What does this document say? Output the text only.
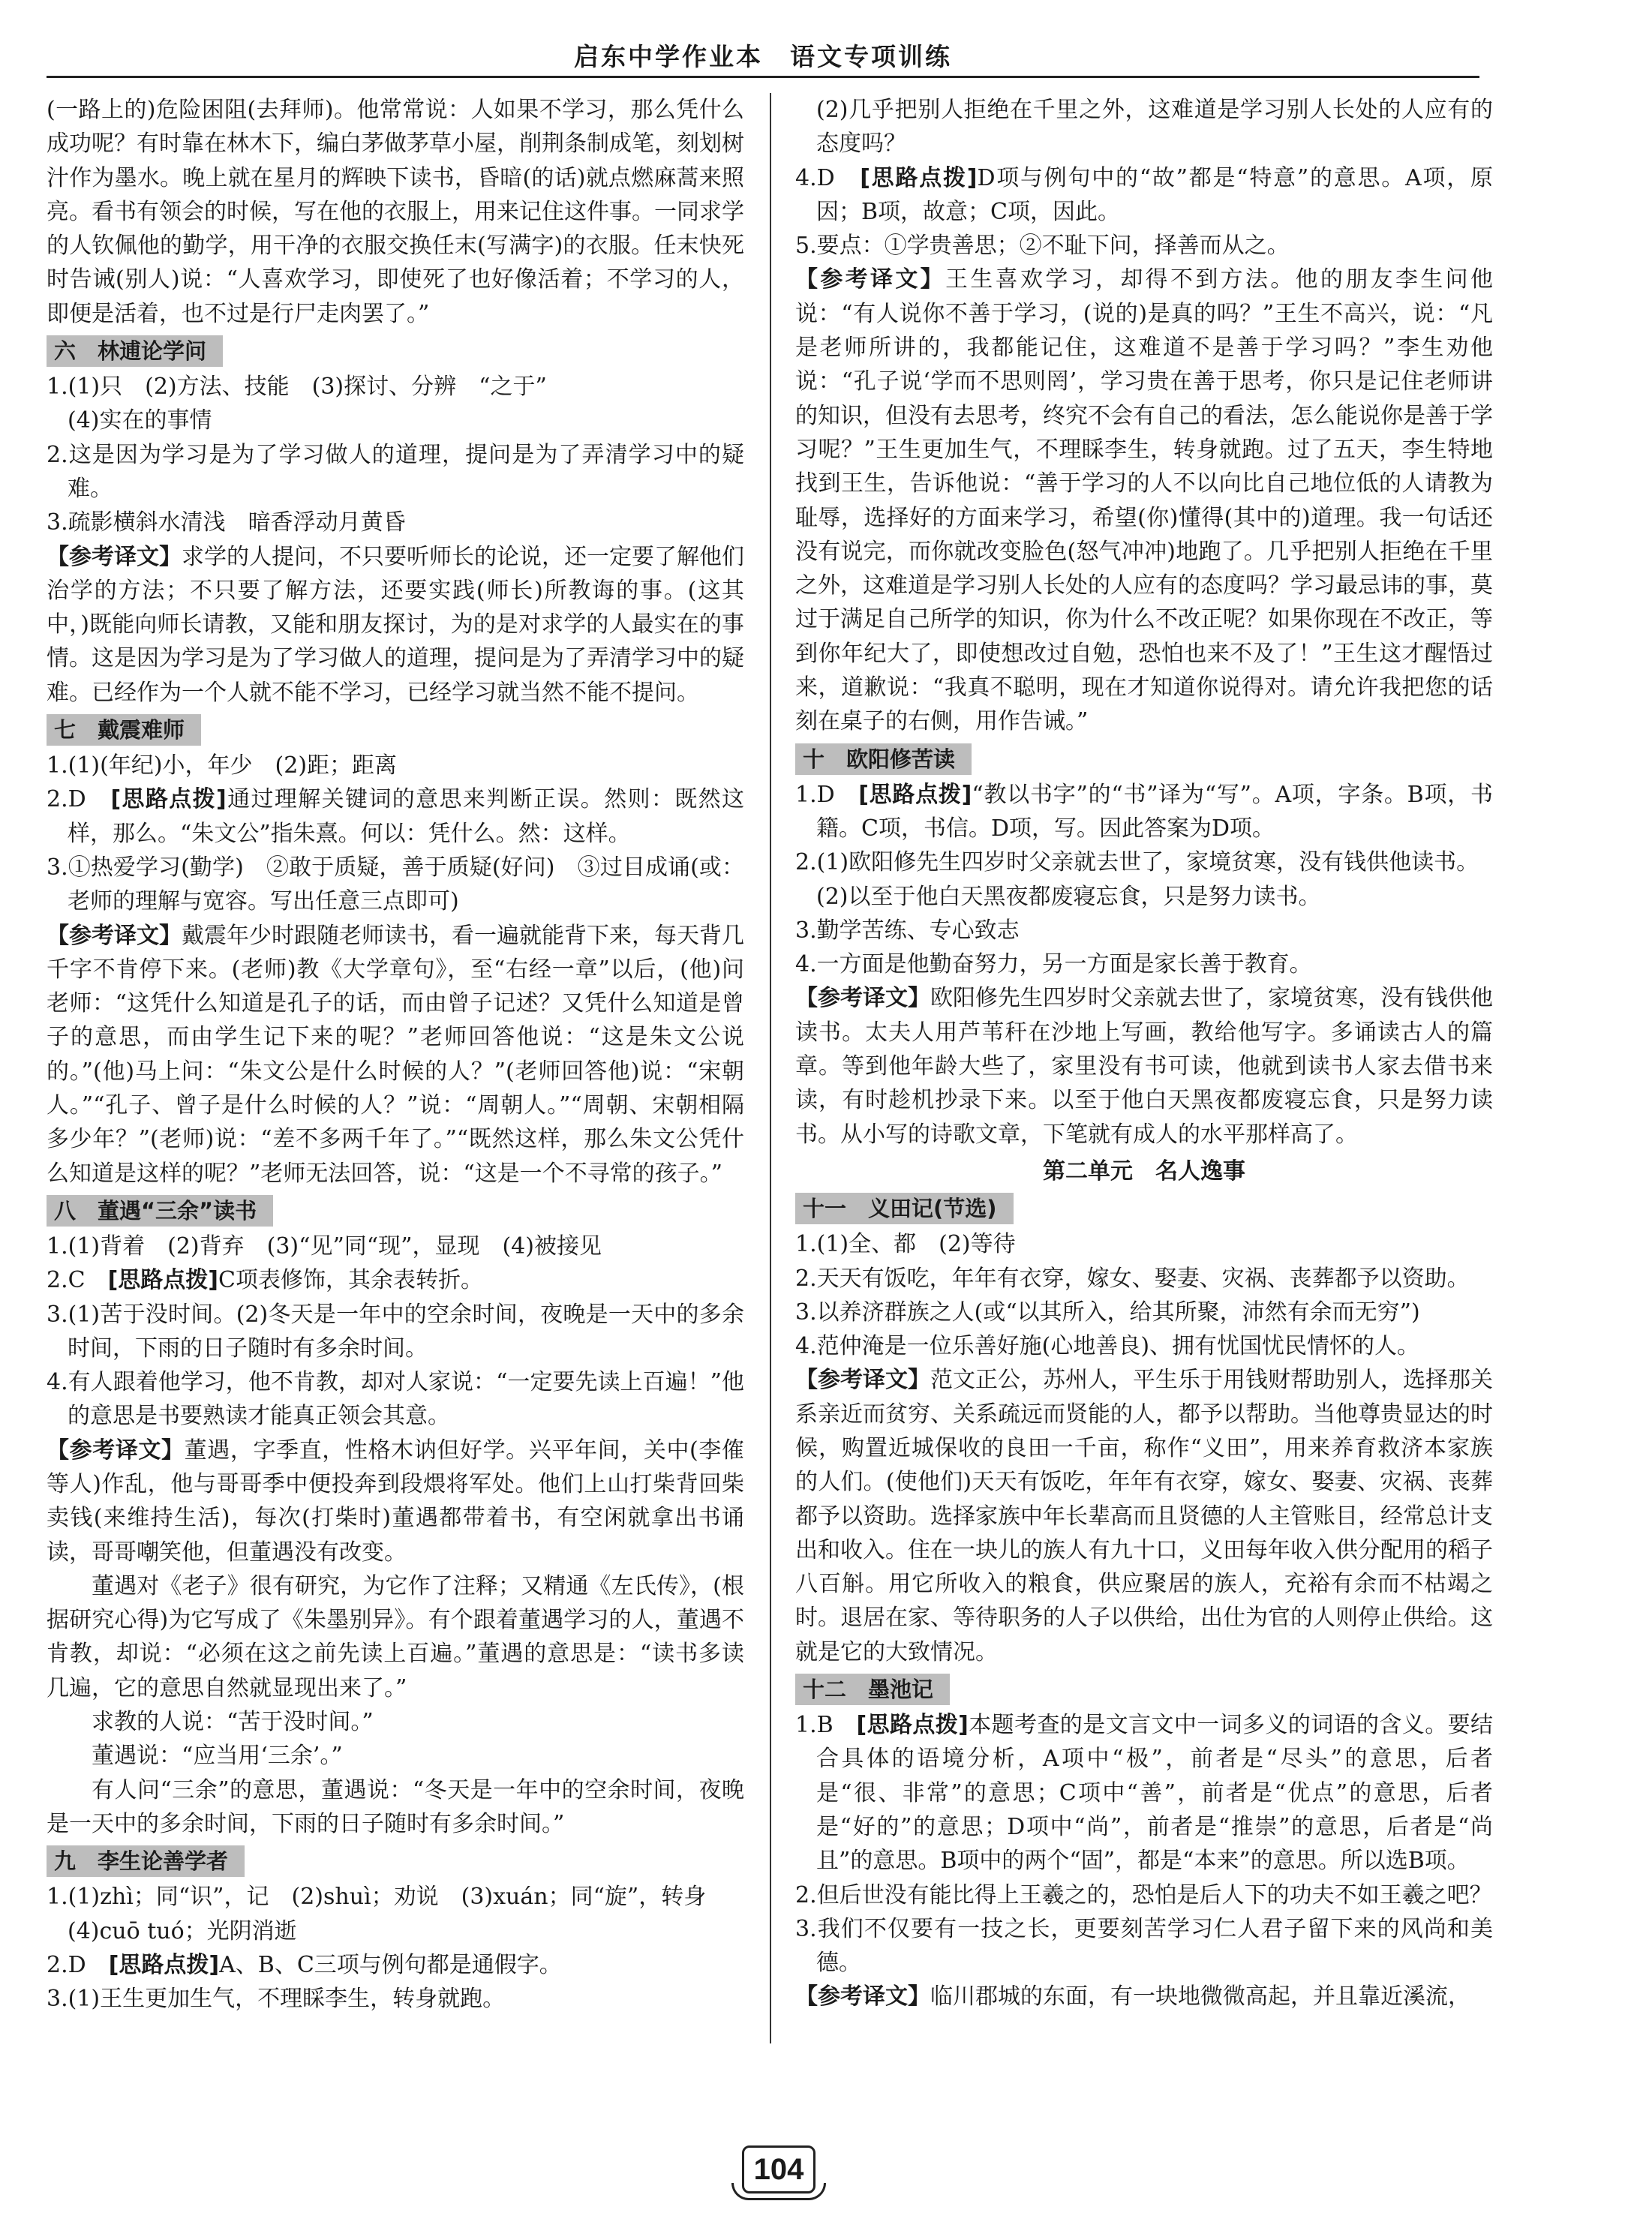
启东中学作业本　语文专项训练

(一路上的)危险困阻(去拜师)。他常常说：人如果不学习，那么凭什么成功呢？有时靠在林木下，编白茅做茅草小屋，削荆条制成笔，刻划树汁作为墨水。晚上就在星月的辉映下读书，昏暗(的话)就点燃麻蒿来照亮。看书有领会的时候，写在他的衣服上，用来记住这件事。一同求学的人钦佩他的勤学，用干净的衣服交换任末(写满字)的衣服。任末快死时告诫(别人)说：“人喜欢学习，即使死了也好像活着；不学习的人，即便是活着，也不过是行尸走肉罢了。”

六　林逋论学问

1.(1)只　(2)方法、技能　(3)探讨、分辨　“之于”

(4)实在的事情

2.这是因为学习是为了学习做人的道理，提问是为了弄清学习中的疑难。

3.疏影横斜水清浅　暗香浮动月黄昏

【参考译文】求学的人提问，不只要听师长的论说，还一定要了解他们治学的方法；不只要了解方法，还要实践(师长)所教诲的事。(这其中，)既能向师长请教，又能和朋友探讨，为的是对求学的人最实在的事情。这是因为学习是为了学习做人的道理，提问是为了弄清学习中的疑难。已经作为一个人就不能不学习，已经学习就当然不能不提问。

七　戴震难师

1.(1)(年纪)小，年少　(2)距；距离

2.D　[思路点拨]通过理解关键词的意思来判断正误。然则：既然这样，那么。“朱文公”指朱熹。何以：凭什么。然：这样。

3.①热爱学习(勤学)　②敢于质疑，善于质疑(好问)　③过目成诵(或：老师的理解与宽容。写出任意三点即可)

【参考译文】戴震年少时跟随老师读书，看一遍就能背下来，每天背几千字不肯停下来。(老师)教《大学章句》，至“右经一章”以后，(他)问老师：“这凭什么知道是孔子的话，而由曾子记述？又凭什么知道是曾子的意思，而由学生记下来的呢？”老师回答他说：“这是朱文公说的。”(他)马上问：“朱文公是什么时候的人？”(老师回答他)说：“宋朝人。”“孔子、曾子是什么时候的人？”说：“周朝人。”“周朝、宋朝相隔多少年？”(老师)说：“差不多两千年了。”“既然这样，那么朱文公凭什么知道是这样的呢？”老师无法回答，说：“这是一个不寻常的孩子。”

八　董遇“三余”读书

1.(1)背着　(2)背弃　(3)“见”同“现”，显现　(4)被接见

2.C　[思路点拨]C项表修饰，其余表转折。

3.(1)苦于没时间。(2)冬天是一年中的空余时间，夜晚是一天中的多余时间，下雨的日子随时有多余时间。

4.有人跟着他学习，他不肯教，却对人家说：“一定要先读上百遍！”他的意思是书要熟读才能真正领会其意。

【参考译文】董遇，字季直，性格木讷但好学。兴平年间，关中(李傕等人)作乱，他与哥哥季中便投奔到段煨将军处。他们上山打柴背回柴卖钱(来维持生活)，每次(打柴时)董遇都带着书，有空闲就拿出书诵读，哥哥嘲笑他，但董遇没有改变。

董遇对《老子》很有研究，为它作了注释；又精通《左氏传》，(根据研究心得)为它写成了《朱墨别异》。有个跟着董遇学习的人，董遇不肯教，却说：“必须在这之前先读上百遍。”董遇的意思是：“读书多读几遍，它的意思自然就显现出来了。”

求教的人说：“苦于没时间。”

董遇说：“应当用‘三余’。”

有人问“三余”的意思，董遇说：“冬天是一年中的空余时间，夜晚是一天中的多余时间，下雨的日子随时有多余时间。”

九　李生论善学者

1.(1)zhì；同“识”，记　(2)shuì；劝说　(3)xuán；同“旋”，转身

(4)cuō tuó；光阴消逝

2.D　[思路点拨]A、B、C三项与例句都是通假字。

3.(1)王生更加生气，不理睬李生，转身就跑。

(2)几乎把别人拒绝在千里之外，这难道是学习别人长处的人应有的态度吗？

4.D　[思路点拨]D项与例句中的“故”都是“特意”的意思。A项，原因；B项，故意；C项，因此。

5.要点：①学贵善思；②不耻下问，择善而从之。

【参考译文】王生喜欢学习，却得不到方法。他的朋友李生问他说：“有人说你不善于学习，(说的)是真的吗？”王生不高兴，说：“凡是老师所讲的，我都能记住，这难道不是善于学习吗？”李生劝他说：“孔子说‘学而不思则罔’，学习贵在善于思考，你只是记住老师讲的知识，但没有去思考，终究不会有自己的看法，怎么能说你是善于学习呢？”王生更加生气，不理睬李生，转身就跑。过了五天，李生特地找到王生，告诉他说：“善于学习的人不以向比自己地位低的人请教为耻辱，选择好的方面来学习，希望(你)懂得(其中的)道理。我一句话还没有说完，而你就改变脸色(怒气冲冲)地跑了。几乎把别人拒绝在千里之外，这难道是学习别人长处的人应有的态度吗？学习最忌讳的事，莫过于满足自己所学的知识，你为什么不改正呢？如果你现在不改正，等到你年纪大了，即使想改过自勉，恐怕也来不及了！”王生这才醒悟过来，道歉说：“我真不聪明，现在才知道你说得对。请允许我把您的话刻在桌子的右侧，用作告诫。”

十　欧阳修苦读

1.D　[思路点拨]“教以书字”的“书”译为“写”。A项，字条。B项，书籍。C项，书信。D项，写。因此答案为D项。

2.(1)欧阳修先生四岁时父亲就去世了，家境贫寒，没有钱供他读书。

(2)以至于他白天黑夜都废寝忘食，只是努力读书。

3.勤学苦练、专心致志

4.一方面是他勤奋努力，另一方面是家长善于教育。

【参考译文】欧阳修先生四岁时父亲就去世了，家境贫寒，没有钱供他读书。太夫人用芦苇秆在沙地上写画，教给他写字。多诵读古人的篇章。等到他年龄大些了，家里没有书可读，他就到读书人家去借书来读，有时趁机抄录下来。以至于他白天黑夜都废寝忘食，只是努力读书。从小写的诗歌文章，下笔就有成人的水平那样高了。

第二单元　名人逸事
十一　义田记(节选)

1.(1)全、都　(2)等待

2.天天有饭吃，年年有衣穿，嫁女、娶妻、灾祸、丧葬都予以资助。

3.以养济群族之人(或“以其所入，给其所聚，沛然有余而无穷”)

4.范仲淹是一位乐善好施(心地善良)、拥有忧国忧民情怀的人。

【参考译文】范文正公，苏州人，平生乐于用钱财帮助别人，选择那关系亲近而贫穷、关系疏远而贤能的人，都予以帮助。当他尊贵显达的时候，购置近城保收的良田一千亩，称作“义田”，用来养育救济本家族的人们。(使他们)天天有饭吃，年年有衣穿，嫁女、娶妻、灾祸、丧葬都予以资助。选择家族中年长辈高而且贤德的人主管账目，经常总计支出和收入。住在一块儿的族人有九十口，义田每年收入供分配用的稻子八百斛。用它所收入的粮食，供应聚居的族人，充裕有余而不枯竭之时。退居在家、等待职务的人子以供给，出仕为官的人则停止供给。这就是它的大致情况。

十二　墨池记

1.B　[思路点拨]本题考查的是文言文中一词多义的词语的含义。要结合具体的语境分析，A项中“极”，前者是“尽头”的意思，后者是“很、非常”的意思；C项中“善”，前者是“优点”的意思，后者是“好的”的意思；D项中“尚”，前者是“推崇”的意思，后者是“尚且”的意思。B项中的两个“固”，都是“本来”的意思。所以选B项。

2.但后世没有能比得上王羲之的，恐怕是后人下的功夫不如王羲之吧？

3.我们不仅要有一技之长，更要刻苦学习仁人君子留下来的风尚和美德。

【参考译文】临川郡城的东面，有一块地微微高起，并且靠近溪流，

104
